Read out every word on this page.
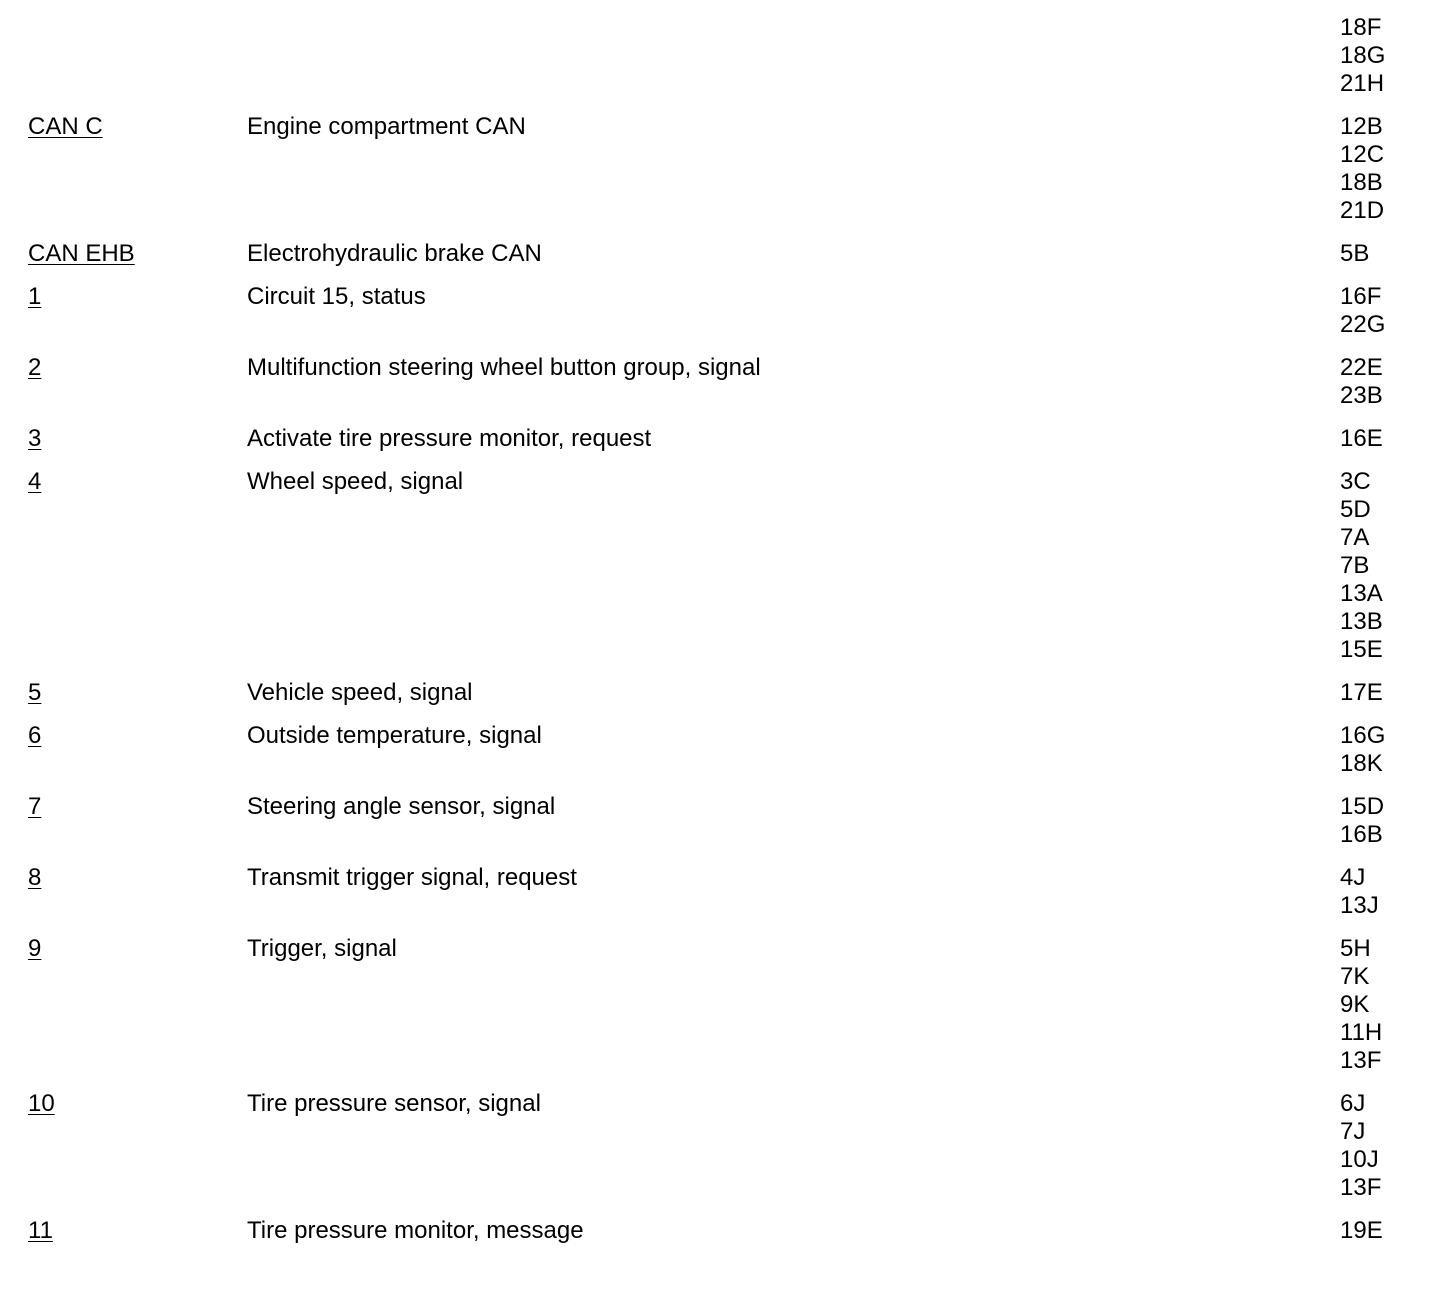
18F
18G
21H
CAN C	Engine compartment CAN	12B
12C
18B
21D
CAN EHB	Electrohydraulic brake CAN	5B
1	Circuit 15, status	16F
22G
2	Multifunction steering wheel button group, signal	22E
23B
3	Activate tire pressure monitor, request	16E
4	Wheel speed, signal	3C
5D
7A
7B
13A
13B
15E
5	Vehicle speed, signal	17E
6	Outside temperature, signal	16G
18K
7	Steering angle sensor, signal	15D
16B
8	Transmit trigger signal, request	4J
13J
9	Trigger, signal	5H
7K
9K
11H
13F
10	Tire pressure sensor, signal	6J
7J
10J
13F
11	Tire pressure monitor, message	19E
